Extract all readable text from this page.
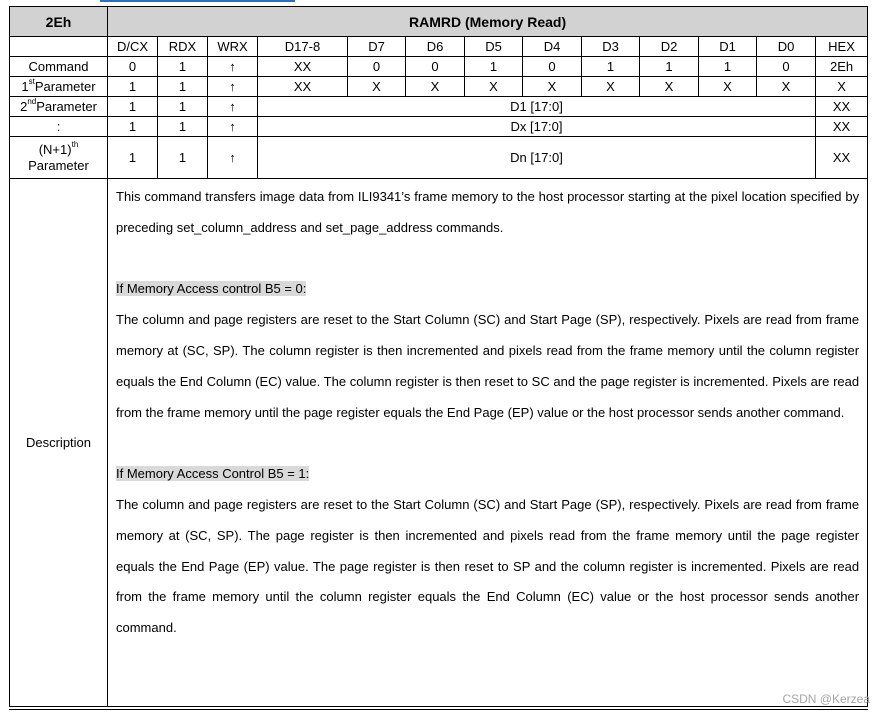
2Eh	RAMRD (Memory Read)												
	D/CX	RDX	WRX	D17-8	D7	D6	D5	D4	D3	D2	D1	D0	HEX
Command	0	1	↑	XX	0	0	1	0	1	1	1	0	2Eh
1stParameter	1	1	↑	XX	X	X	X	X	X	X	X	X	X
2ndParameter	1	1	↑	D1 [17:0]									XX
:	1	1	↑	Dx [17:0]									XX

$(N+1)^{th}$
Parameter	1	1	↑	Dn [17:0]									XX
Description	This command transfers image data from ILI9341’s frame memory to the host processor starting at the pixel location specified by preceding set_column_address and set_page_address commands.

If Memory Access control B5 = 0:

The column and page registers are reset to the Start Column (SC) and Start Page (SP), respectively. Pixels are read from frame memory at (SC, SP). The column register is then incremented and pixels read from the frame memory until the column register equals the End Column (EC) value. The column register is then reset to SC and the page register is incremented. Pixels are read from the frame memory until the page register equals the End Page (EP) value or the host processor sends another command.

If Memory Access Control B5 = 1:

The column and page registers are reset to the Start Column (SC) and Start Page (SP), respectively. Pixels are read from frame memory at (SC, SP). The page register is then incremented and pixels read from the frame memory until the page register equals the End Page (EP) value. The page register is then reset to SP and the column register is incremented. Pixels are read from the frame memory until the column register equals the End Column (EC) value or the host processor sends another command.												

CSDN @Kerzea
